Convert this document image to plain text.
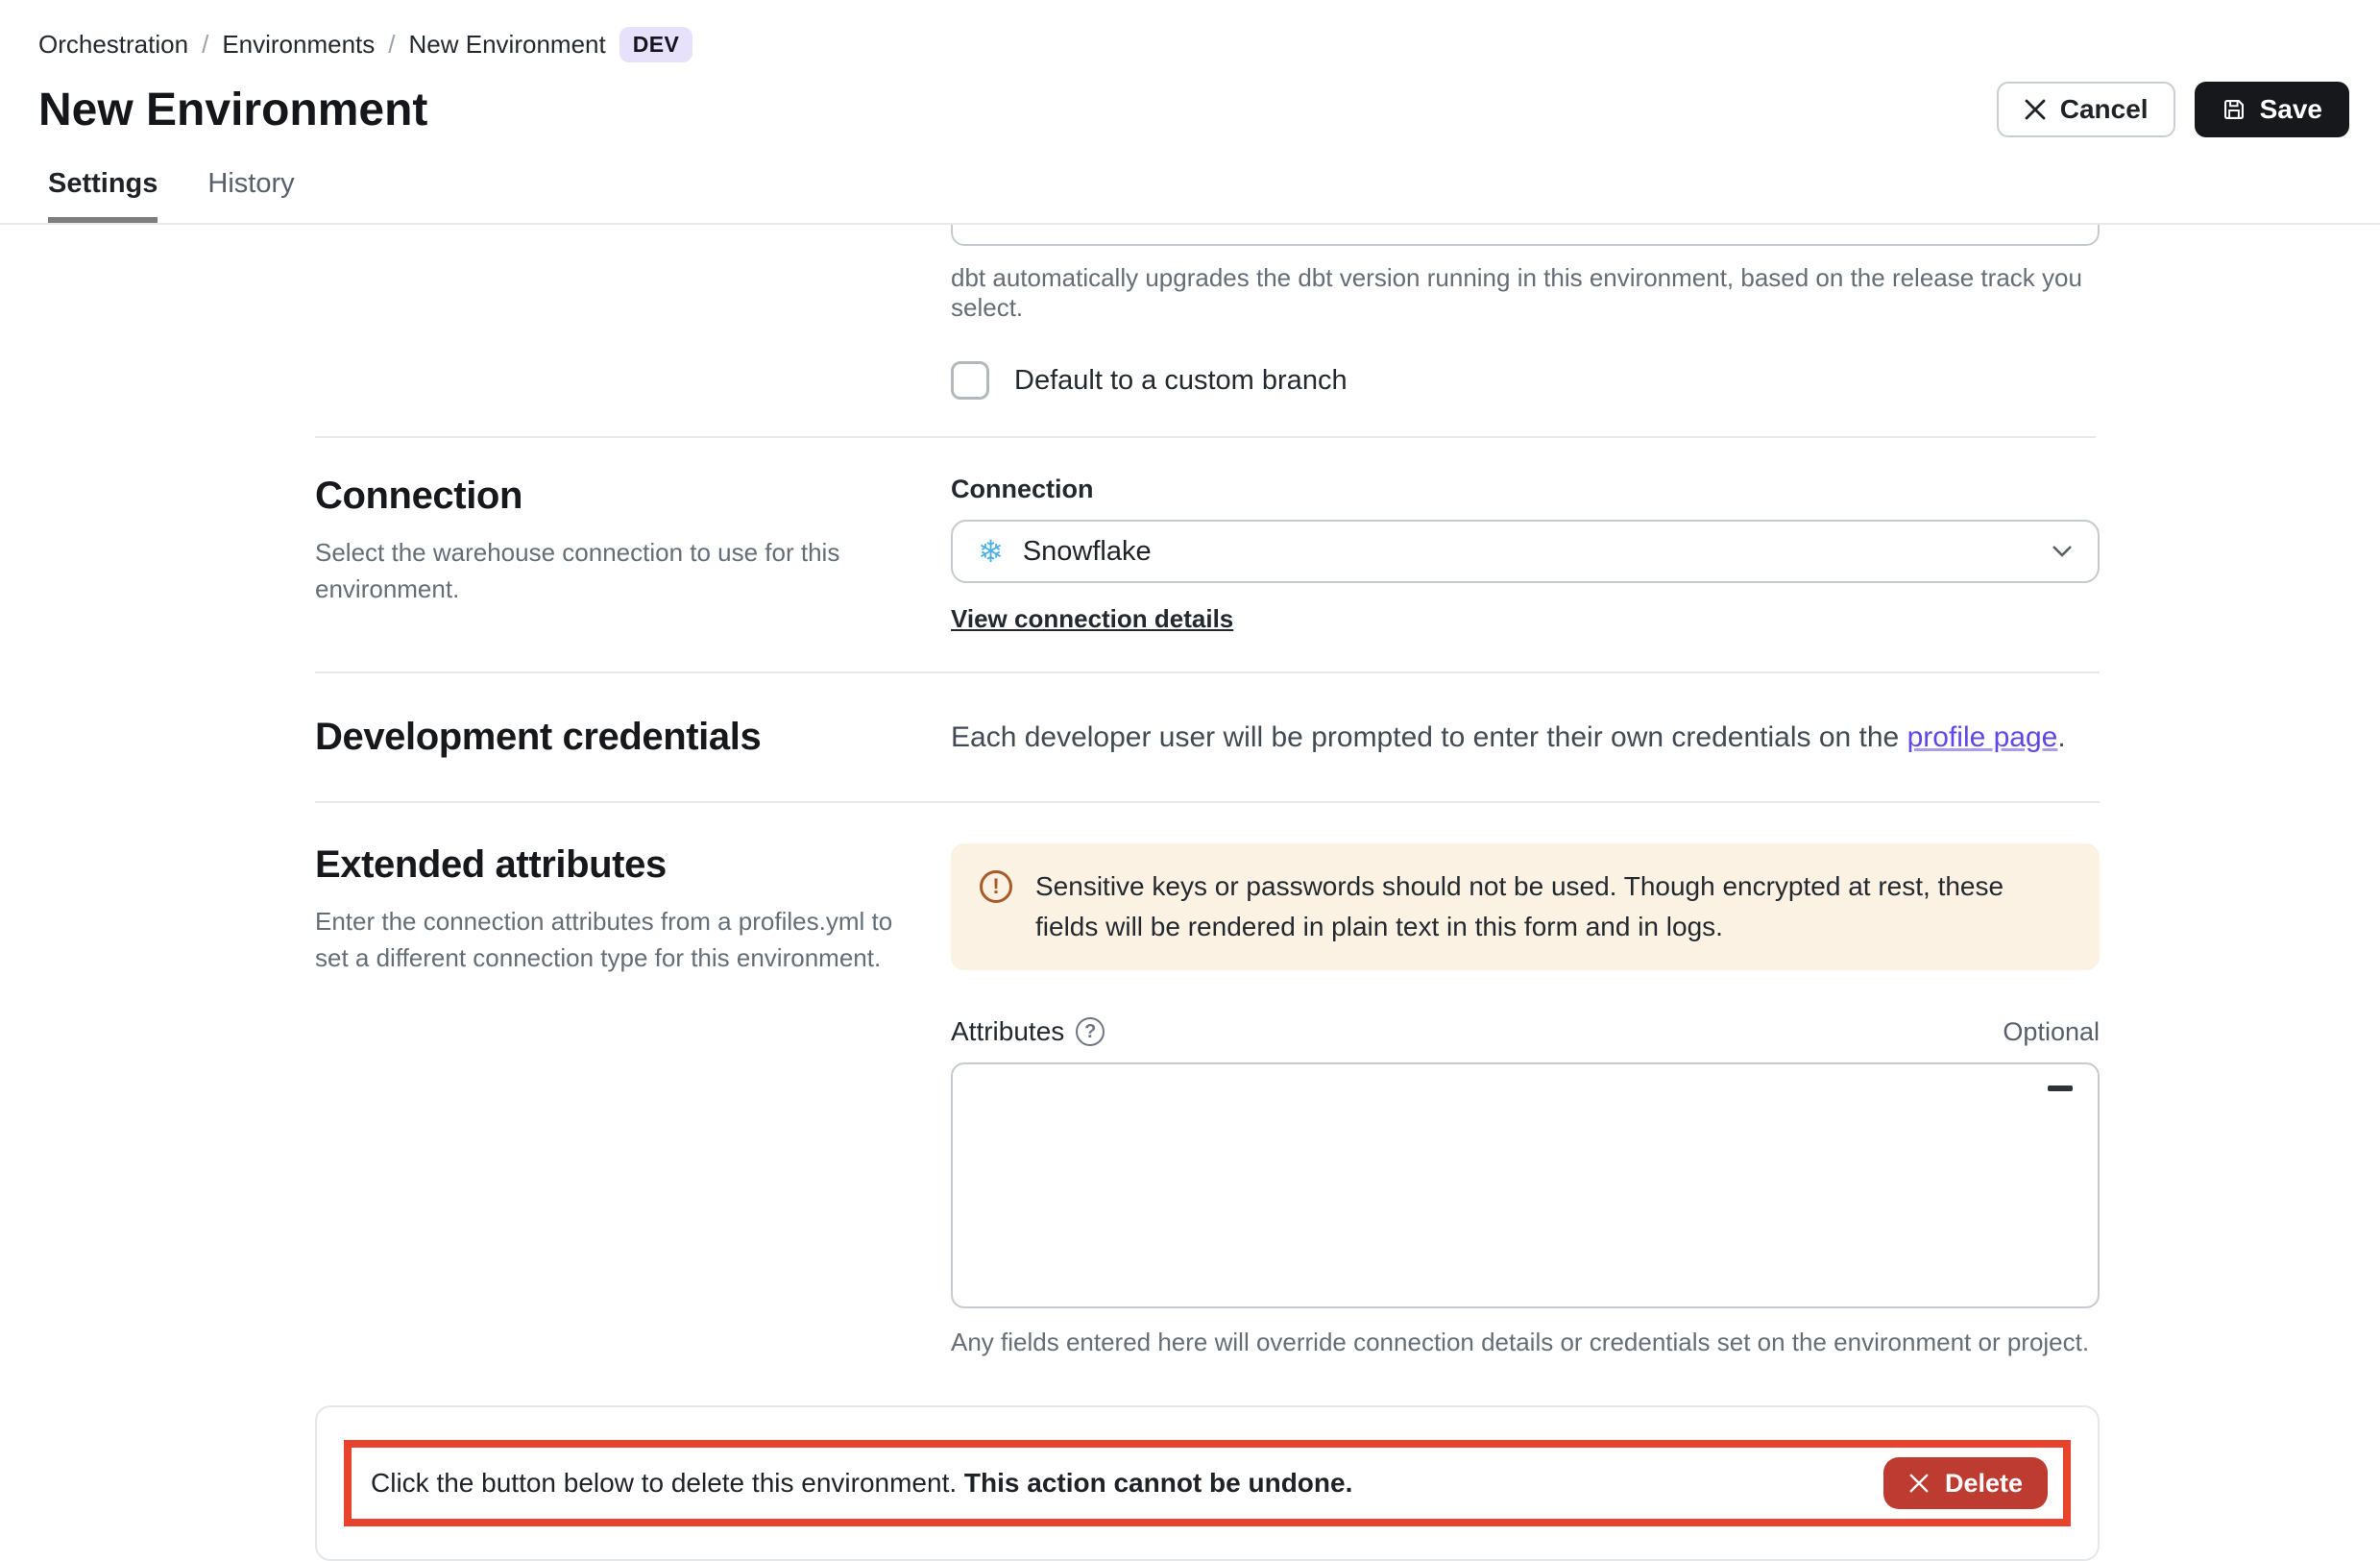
Orchestration / Environments / New Environment	DEV
New Environment	Cancel	Save
Settings	History
dbt automatically upgrades the dbt version running in this environment, based on the release track you select.
Default to a custom branch
Connection
Select the warehouse connection to use for this environment.
Connection
❄ Snowflake
View connection details
Development credentials	Each developer user will be prompted to enter their own credentials on the profile page.
Extended attributes
Enter the connection attributes from a profiles.yml to set a different connection type for this environment.
!	Sensitive keys or passwords should not be used. Though encrypted at rest, these fields will be rendered in plain text in this form and in logs.
Attributes	?	Optional
Any fields entered here will override connection details or credentials set on the environment or project.
Click the button below to delete this environment. This action cannot be undone.	Delete
